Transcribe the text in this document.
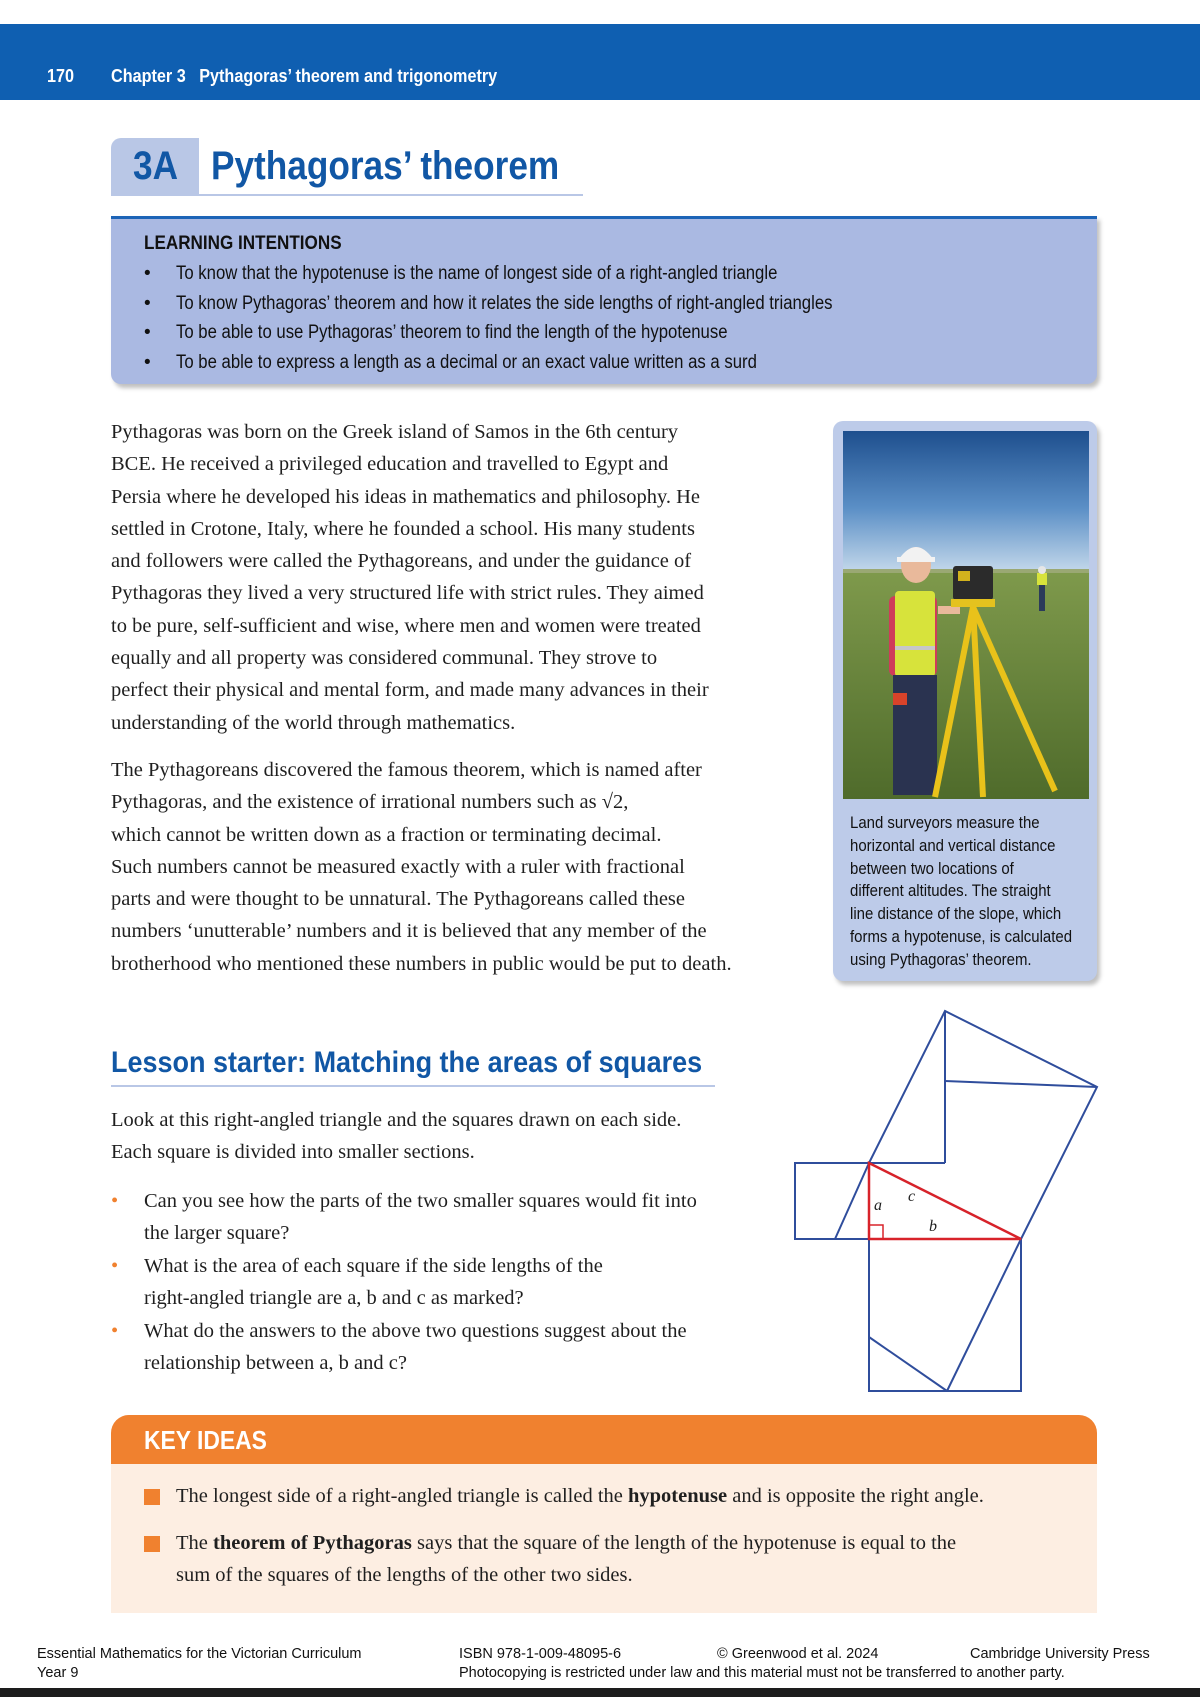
170 Chapter 3   Pythagoras’ theorem and trigonometry
3A Pythagoras’ theorem
LEARNING INTENTIONS
• To know that the hypotenuse is the name of longest side of a right-angled triangle
• To know Pythagoras’ theorem and how it relates the side lengths of right-angled triangles
• To be able to use Pythagoras’ theorem to find the length of the hypotenuse
• To be able to express a length as a decimal or an exact value written as a surd

Pythagoras was born on the Greek island of Samos in the 6th century
BCE. He received a privileged education and travelled to Egypt and
Persia where he developed his ideas in mathematics and philosophy. He
settled in Crotone, Italy, where he founded a school. His many students
and followers were called the Pythagoreans, and under the guidance of
Pythagoras they lived a very structured life with strict rules. They aimed
to be pure, self-sufficient and wise, where men and women were treated
equally and all property was considered communal. They strove to
perfect their physical and mental form, and made many advances in their
understanding of the world through mathematics.

The Pythagoreans discovered the famous theorem, which is named after
Pythagoras, and the existence of irrational numbers such as √2,
which cannot be written down as a fraction or terminating decimal.
Such numbers cannot be measured exactly with a ruler with fractional
parts and were thought to be unnatural. The Pythagoreans called these
numbers ‘unutterable’ numbers and it is believed that any member of the
brotherhood who mentioned these numbers in public would be put to death.

Land surveyors measure the
horizontal and vertical distance
between two locations of
different altitudes. The straight
line distance of the slope, which
forms a hypotenuse, is calculated
using Pythagoras’ theorem.
Lesson starter: Matching the areas of squares
Look at this right-angled triangle and the squares drawn on each side.
Each square is divided into smaller sections.
• Can you see how the parts of the two smaller squares would fit into
the larger square?
• What is the area of each square if the side lengths of the
right-angled triangle are a, b and c as marked?
• What do the answers to the above two questions suggest about the
relationship between a, b and c?
a
c
b
KEY IDEAS
The longest side of a right-angled triangle is called the hypotenuse and is opposite the right angle.
The theorem of Pythagoras says that the square of the length of the hypotenuse is equal to the
sum of the squares of the lengths of the other two sides.
Essential Mathematics for the Victorian Curriculum
Year 9
ISBN 978-1-009-48095-6	© Greenwood et al. 2024	Cambridge University Press
Photocopying is restricted under law and this material must not be transferred to another party.
